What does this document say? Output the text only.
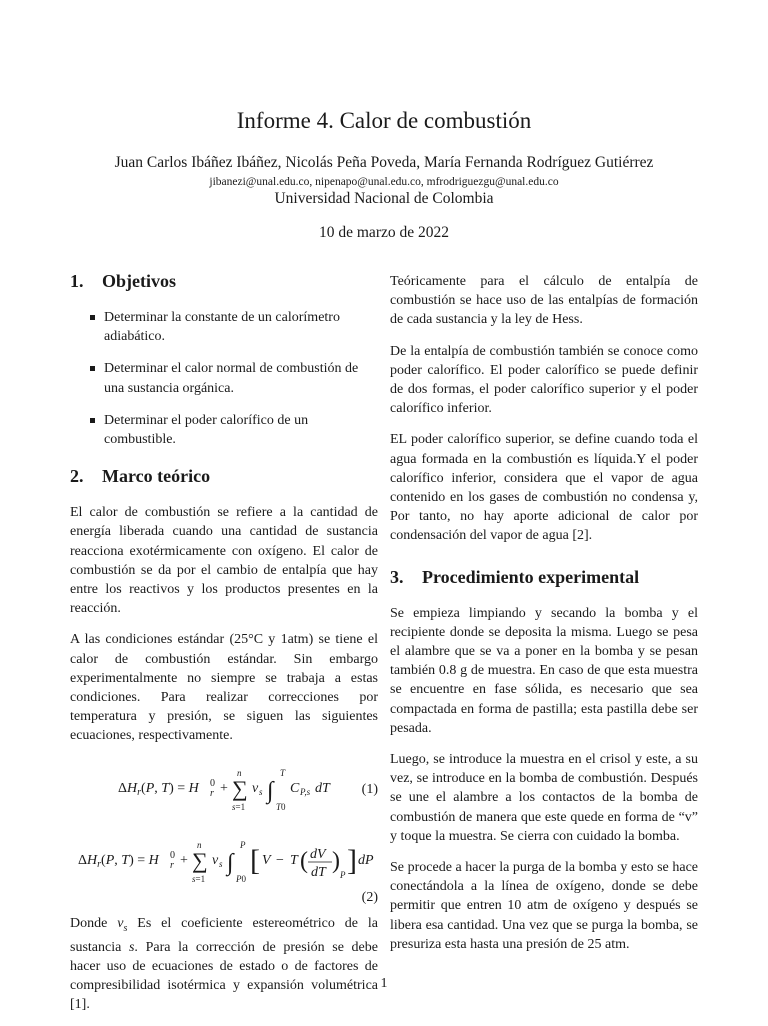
Informe 4. Calor de combustión
Juan Carlos Ibáñez Ibáñez, Nicolás Peña Poveda, María Fernanda Rodríguez Gutiérrez
jibanezi@unal.edu.co, nipenapo@unal.edu.co, mfrodriguezgu@unal.edu.co
Universidad Nacional de Colombia
10 de marzo de 2022
1. Objetivos
Determinar la constante de un calorímetro adiabático.
Determinar el calor normal de combustión de una sustancia orgánica.
Determinar el poder calorífico de un combustible.
2. Marco teórico

El calor de combustión se refiere a la cantidad de energía liberada cuando una cantidad de sustancia reacciona exotérmicamente con oxígeno. El calor de combustión se da por el cambio de entalpía que hay entre los reactivos y los productos presentes en la reacción.

A las condiciones estándar (25°C y 1atm) se tiene el calor de combustión estándar. Sin embargo experimentalmente no siempre se trabaja a estas condiciones. Para realizar correcciones por temperatura y presión, se siguen las siguientes ecuaciones, respectivamente.

$\Delta H_r(P$, T) = H 0
r + ∑
n
s=1
v s ∫
T
T0
C P,s dT (1)
$\Delta H_r(P$, T) = H 0
r + ∑
n
s=1
v s ∫
P
P0
[ V − T ( dV
dT )
P ] dP
(2)

Donde $v_s$ Es el coeficiente estereométrico de la sustancia s. Para la corrección de presión se debe hacer uso de ecuaciones de estado o de factores de compresibilidad isotérmica y expansión volumétrica [1].

Teóricamente para el cálculo de entalpía de combustión se hace uso de las entalpías de formación de cada sustancia y la ley de Hess.

De la entalpía de combustión también se conoce como poder calorífico. El poder calorífico se puede definir de dos formas, el poder calorífico superior y el poder calorífico inferior.

EL poder calorífico superior, se define cuando toda el agua formada en la combustión es líquida.Y el poder calorífico inferior, considera que el vapor de agua contenido en los gases de combustión no condensa y, Por tanto, no hay aporte adicional de calor por condensación del vapor de agua [2].

3. Procedimiento experimental

Se empieza limpiando y secando la bomba y el recipiente donde se deposita la misma. Luego se pesa el alambre que se va a poner en la bomba y se pesan también 0.8 g de muestra. En caso de que esta muestra se encuentre en fase sólida, es necesario que sea compactada en forma de pastilla; esta pastilla debe ser pesada.

Luego, se introduce la muestra en el crisol y este, a su vez, se introduce en la bomba de combustión. Después se une el alambre a los contactos de la bomba de combustión de manera que este quede en forma de “v” y toque la muestra. Se cierra con cuidado la bomba.

Se procede a hacer la purga de la bomba y esto se hace conectándola a la línea de oxígeno, donde se debe permitir que entren 10 atm de oxígeno y después se libera esa cantidad. Una vez que se purga la bomba, se presuriza esta hasta una presión de 25 atm.

1
